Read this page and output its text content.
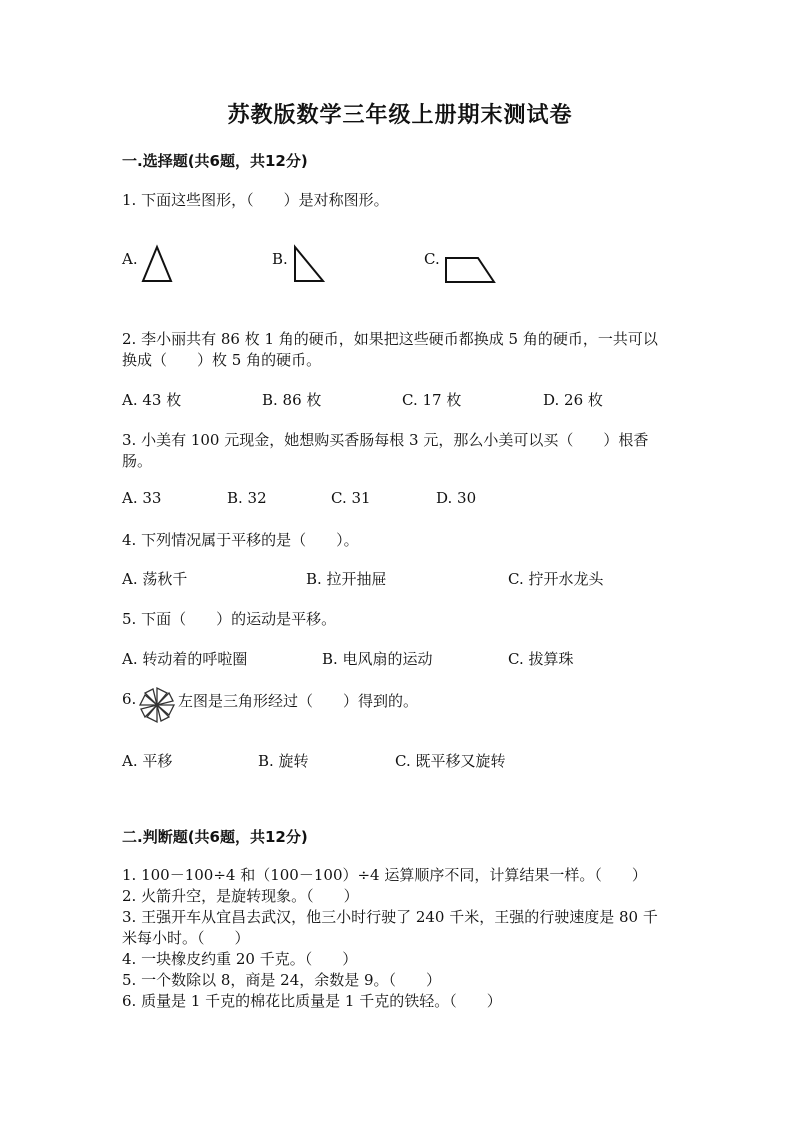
苏教版数学三年级上册期末测试卷
一.选择题(共6题，共12分)
1. 下面这些图形，（　　）是对称图形。
A.	B.	C.
2. 李小丽共有 86 枚 1 角的硬币，如果把这些硬币都换成 5 角的硬币，一共可以
换成（　　）枚 5 角的硬币。
A. 43 枚	B. 86 枚	C. 17 枚	D. 26 枚
3. 小美有 100 元现金，她想购买香肠每根 3 元，那么小美可以买（　　）根香
肠。
A. 33	B. 32	C. 31	D. 30
4. 下列情况属于平移的是（　　）。
A. 荡秋千	B. 拉开抽屉	C. 拧开水龙头
5. 下面（　　）的运动是平移。
A. 转动着的呼啦圈	B. 电风扇的运动	C. 拔算珠
6.	左图是三角形经过（　　）得到的。
A. 平移	B. 旋转	C. 既平移又旋转
二.判断题(共6题，共12分)
1. 100－100÷4 和（100－100）÷4 运算顺序不同，计算结果一样。（　　）
2. 火箭升空，是旋转现象。（　　）
3. 王强开车从宜昌去武汉，他三小时行驶了 240 千米，王强的行驶速度是 80 千
米每小时。（　　）
4. 一块橡皮约重 20 千克。（　　）
5. 一个数除以 8，商是 24，余数是 9。（　　）
6. 质量是 1 千克的棉花比质量是 1 千克的铁轻。（　　）
